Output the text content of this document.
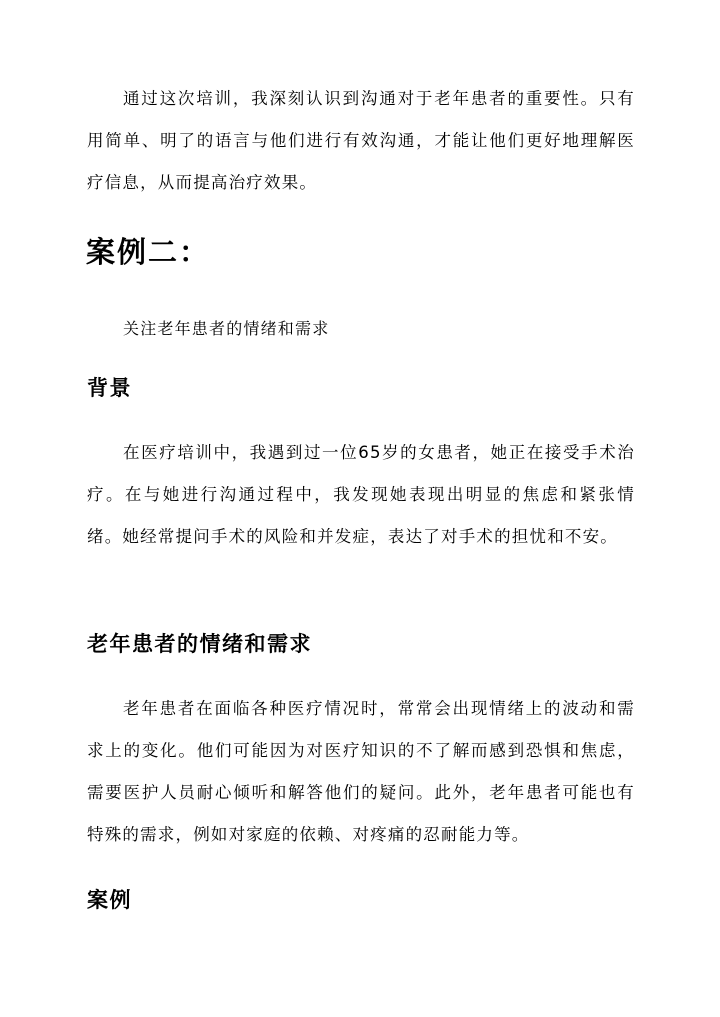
通过这次培训，我深刻认识到沟通对于老年患者的重要性。只有用简单、明了的语言与他们进行有效沟通，才能让他们更好地理解医疗信息，从而提高治疗效果。

案例二：

关注老年患者的情绪和需求

背景

在医疗培训中，我遇到过一位65岁的女患者，她正在接受手术治疗。在与她进行沟通过程中，我发现她表现出明显的焦虑和紧张情绪。她经常提问手术的风险和并发症，表达了对手术的担忧和不安。

老年患者的情绪和需求

老年患者在面临各种医疗情况时，常常会出现情绪上的波动和需求上的变化。他们可能因为对医疗知识的不了解而感到恐惧和焦虑，需要医护人员耐心倾听和解答他们的疑问。此外，老年患者可能也有特殊的需求，例如对家庭的依赖、对疼痛的忍耐能力等。

案例
